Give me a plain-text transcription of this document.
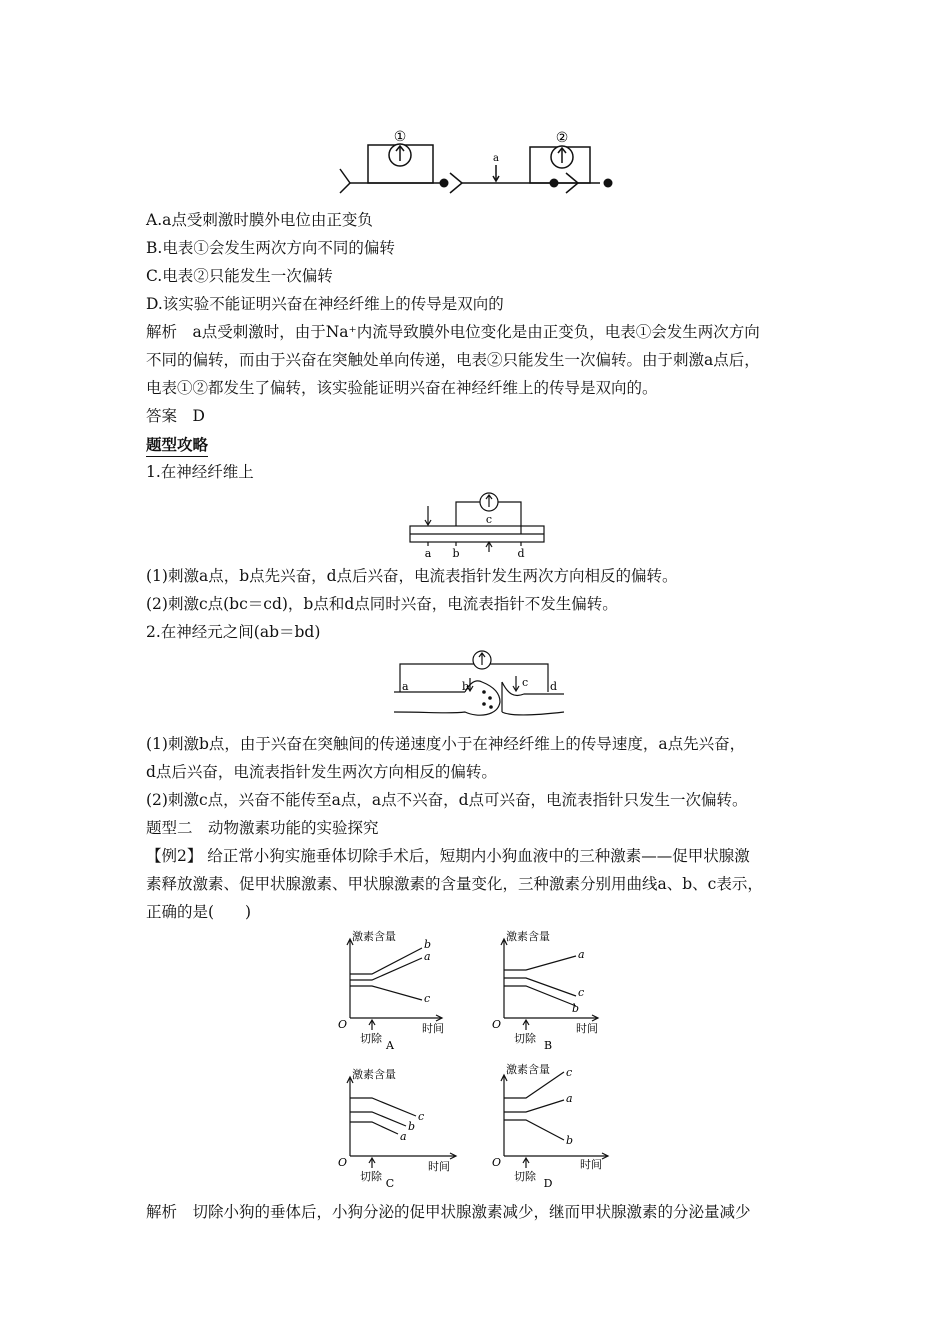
①	②
a
A.a点受刺激时膜外电位由正变负
B.电表①会发生两次方向不同的偏转
C.电表②只能发生一次偏转
D.该实验不能证明兴奋在神经纤维上的传导是双向的
解析　a点受刺激时，由于Na⁺内流导致膜外电位变化是由正变负，电表①会发生两次方向
不同的偏转，而由于兴奋在突触处单向传递，电表②只能发生一次偏转。由于刺激a点后，
电表①②都发生了偏转，该实验能证明兴奋在神经纤维上的传导是双向的。
答案　D
题型攻略
1.在神经纤维上
c
a b	d
(1)刺激a点，b点先兴奋，d点后兴奋，电流表指针发生两次方向相反的偏转。
(2)刺激c点(bc＝cd)，b点和d点同时兴奋，电流表指针不发生偏转。
2.在神经元之间(ab＝bd)
a	b	c d
(1)刺激b点，由于兴奋在突触间的传递速度小于在神经纤维上的传导速度，a点先兴奋，
d点后兴奋，电流表指针发生两次方向相反的偏转。
(2)刺激c点，兴奋不能传至a点，a点不兴奋，d点可兴奋，电流表指针只发生一次偏转。
题型二　动物激素功能的实验探究
【例2】 给正常小狗实施垂体切除手术后，短期内小狗血液中的三种激素——促甲状腺激
素释放激素、促甲状腺激素、甲状腺激素的含量变化，三种激素分别用曲线a、b、c表示，
正确的是(　　)
激素含量
O	时间
切除
b
a
c
A
激素含量
O	时间
切除
a
c
b
B
激素含量
O	时间
切除
c
b
a
C
激素含量
O	时间
切除
c
a
b
D
解析　切除小狗的垂体后，小狗分泌的促甲状腺激素减少，继而甲状腺激素的分泌量减少
